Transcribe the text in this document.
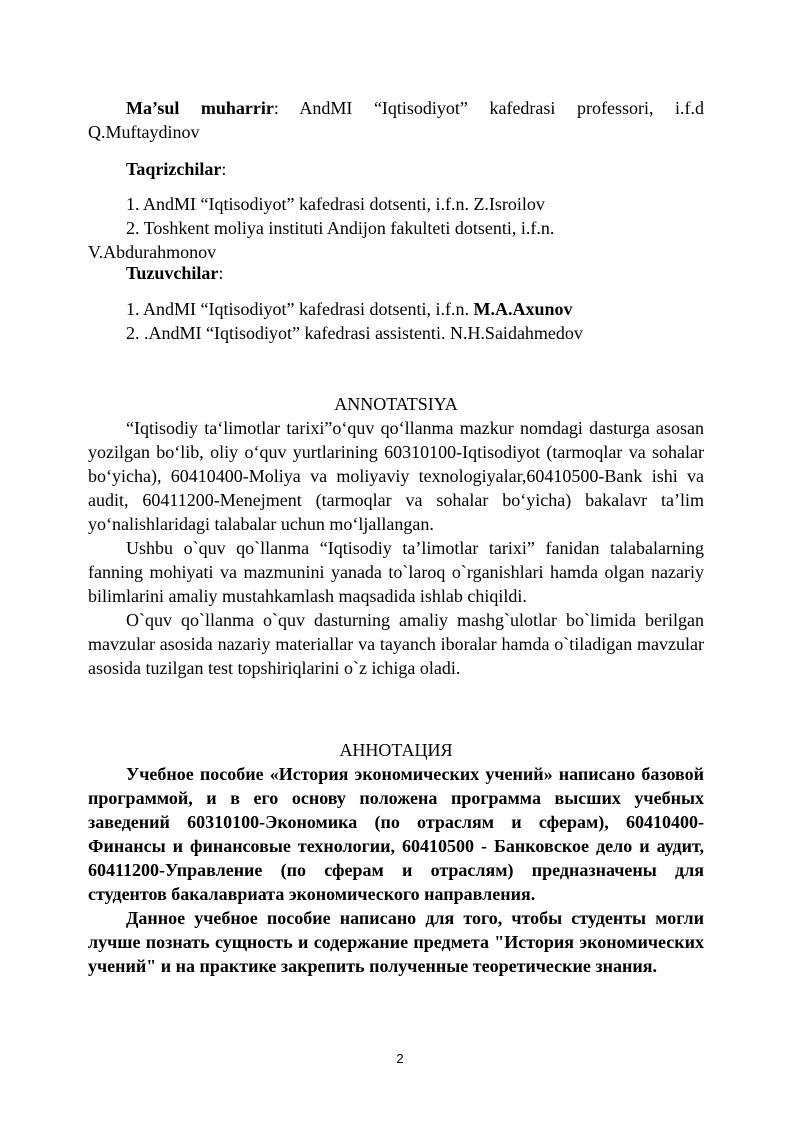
Ma’sul muharrir: AndMI “Iqtisodiyot” kafedrasi professori, i.f.d Q.Muftaydinov

Taqrizchilar:

1. AndMI “Iqtisodiyot” kafedrasi dotsenti, i.f.n. Z.Isroilov

2. Toshkent moliya instituti Andijon fakulteti dotsenti, i.f.n.

V.Abdurahmonov

Tuzuvchilar:

1. AndMI “Iqtisodiyot” kafedrasi dotsenti, i.f.n. M.A.Axunov

2. .AndMI “Iqtisodiyot” kafedrasi assistenti. N.H.Saidahmedov

ANNOTATSIYA

“Iqtisodiy ta‘limotlar tarixi”o‘quv qo‘llanma mazkur nomdagi dasturga asosan yozilgan bo‘lib, oliy o‘quv yurtlarining 60310100-Iqtisodiyot (tarmoqlar va sohalar bo‘yicha), 60410400-Moliya va moliyaviy texnologiyalar,60410500-Bank ishi va audit, 60411200-Menejment (tarmoqlar va sohalar bo‘yicha) bakalavr ta’lim yo‘nalishlaridagi talabalar uchun mo‘ljallangan.

Ushbu o`quv qo`llanma “Iqtisodiy ta’limotlar tarixi” fanidan talabalarning fanning mohiyati va mazmunini yanada to`laroq o`rganishlari hamda olgan nazariy bilimlarini amaliy mustahkamlash maqsadida ishlab chiqildi.

O`quv qo`llanma o`quv dasturning amaliy mashg`ulotlar bo`limida berilgan mavzular asosida nazariy materiallar va tayanch iboralar hamda o`tiladigan mavzular asosida tuzilgan test topshiriqlarini o`z ichiga oladi.

АННОТАЦИЯ

Учебное пособие «История экономических учений» написано базовой программой, и в его основу положена программа высших учебных заведений 60310100-Экономика (по отраслям и сферам), 60410400-Финансы и финансовые технологии, 60410500 - Банковское дело и аудит, 60411200-Управление (по сферам и отраслям) предназначены для студентов бакалавриата экономического направления.

Данное учебное пособие написано для того, чтобы студенты могли лучше познать сущность и содержание предмета "История экономических учений" и на практике закрепить полученные теоретические знания.

2
